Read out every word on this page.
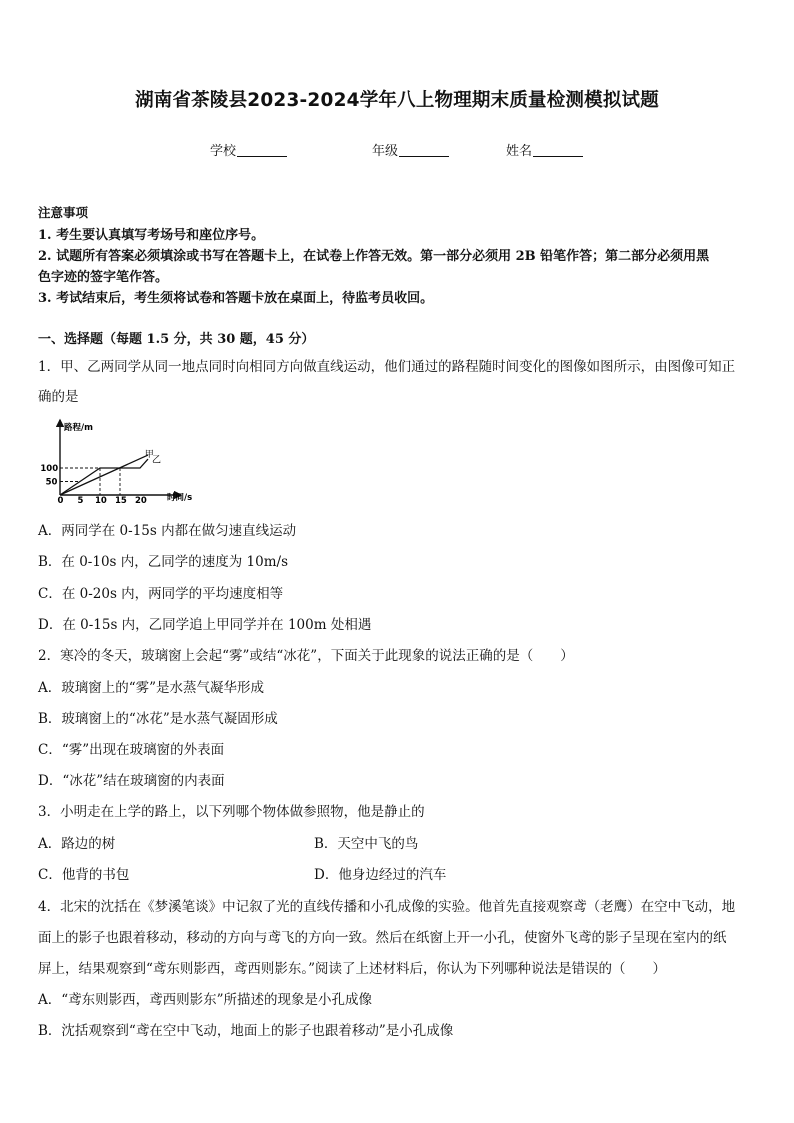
湖南省茶陵县2023-2024学年八上物理期末质量检测模拟试题
学校	年级	姓名
注意事项
1. 考生要认真填写考场号和座位序号。
2. 试题所有答案必须填涂或书写在答题卡上，在试卷上作答无效。第一部分必须用 2B 铅笔作答；第二部分必须用黑
色字迹的签字笔作答。
3. 考试结束后，考生须将试卷和答题卡放在桌面上，待监考员收回。
一、选择题（每题 1.5 分，共 30 题，45 分）
1．甲、乙两同学从同一地点同时向相同方向做直线运动，他们通过的路程随时间变化的图像如图所示，由图像可知正
确的是
路程/m
时间/s
0 5 10 15 20
50
100
甲
乙
A．两同学在 0-15s 内都在做匀速直线运动
B．在 0-10s 内，乙同学的速度为 10m/s
C．在 0-20s 内，两同学的平均速度相等
D．在 0-15s 内，乙同学追上甲同学并在 100m 处相遇
2．寒冷的冬天，玻璃窗上会起“雾”或结“冰花”，下面关于此现象的说法正确的是（　　）
A．玻璃窗上的“雾”是水蒸气凝华形成
B．玻璃窗上的“冰花”是水蒸气凝固形成
C．“雾”出现在玻璃窗的外表面
D．“冰花”结在玻璃窗的内表面
3．小明走在上学的路上，以下列哪个物体做参照物，他是静止的
A．路边的树	B．天空中飞的鸟
C．他背的书包	D．他身边经过的汽车
4．北宋的沈括在《梦溪笔谈》中记叙了光的直线传播和小孔成像的实验。他首先直接观察鸢（老鹰）在空中飞动，地
面上的影子也跟着移动，移动的方向与鸢飞的方向一致。然后在纸窗上开一小孔，使窗外飞鸢的影子呈现在室内的纸
屏上，结果观察到“鸢东则影西，鸢西则影东。”阅读了上述材料后，你认为下列哪种说法是错误的（　　）
A．“鸢东则影西，鸢西则影东”所描述的现象是小孔成像
B．沈括观察到“鸢在空中飞动，地面上的影子也跟着移动”是小孔成像
